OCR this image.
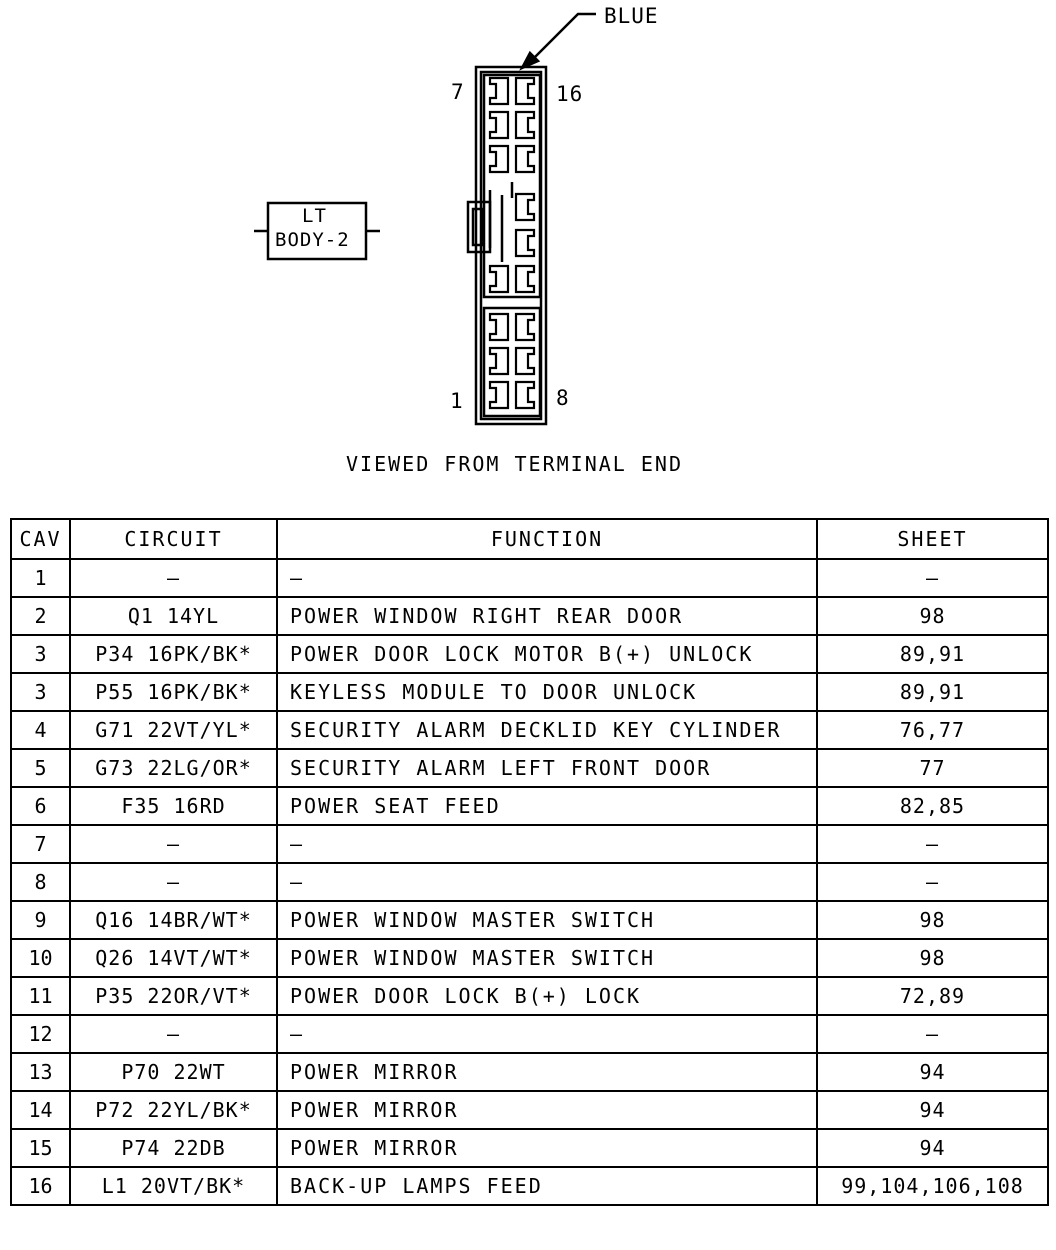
BLUE
7	16
1	8
LT
BODY-2
VIEWED FROM TERMINAL END
CAV	CIRCUIT	FUNCTION	SHEET
1	—	—	—
2	Q1 14YL	POWER WINDOW RIGHT REAR DOOR	98
3	P34 16PK/BK*	POWER DOOR LOCK MOTOR B(+) UNLOCK	89,91
3	P55 16PK/BK*	KEYLESS MODULE TO DOOR UNLOCK	89,91
4	G71 22VT/YL*	SECURITY ALARM DECKLID KEY CYLINDER	76,77
5	G73 22LG/OR*	SECURITY ALARM LEFT FRONT DOOR	77
6	F35 16RD	POWER SEAT FEED	82,85
7	—	—	—
8	—	—	—
9	Q16 14BR/WT*	POWER WINDOW MASTER SWITCH	98
10	Q26 14VT/WT*	POWER WINDOW MASTER SWITCH	98
11	P35 22OR/VT*	POWER DOOR LOCK B(+) LOCK	72,89
12	—	—	—
13	P70 22WT	POWER MIRROR	94
14	P72 22YL/BK*	POWER MIRROR	94
15	P74 22DB	POWER MIRROR	94
16	L1 20VT/BK*	BACK-UP LAMPS FEED	99,104,106,108
